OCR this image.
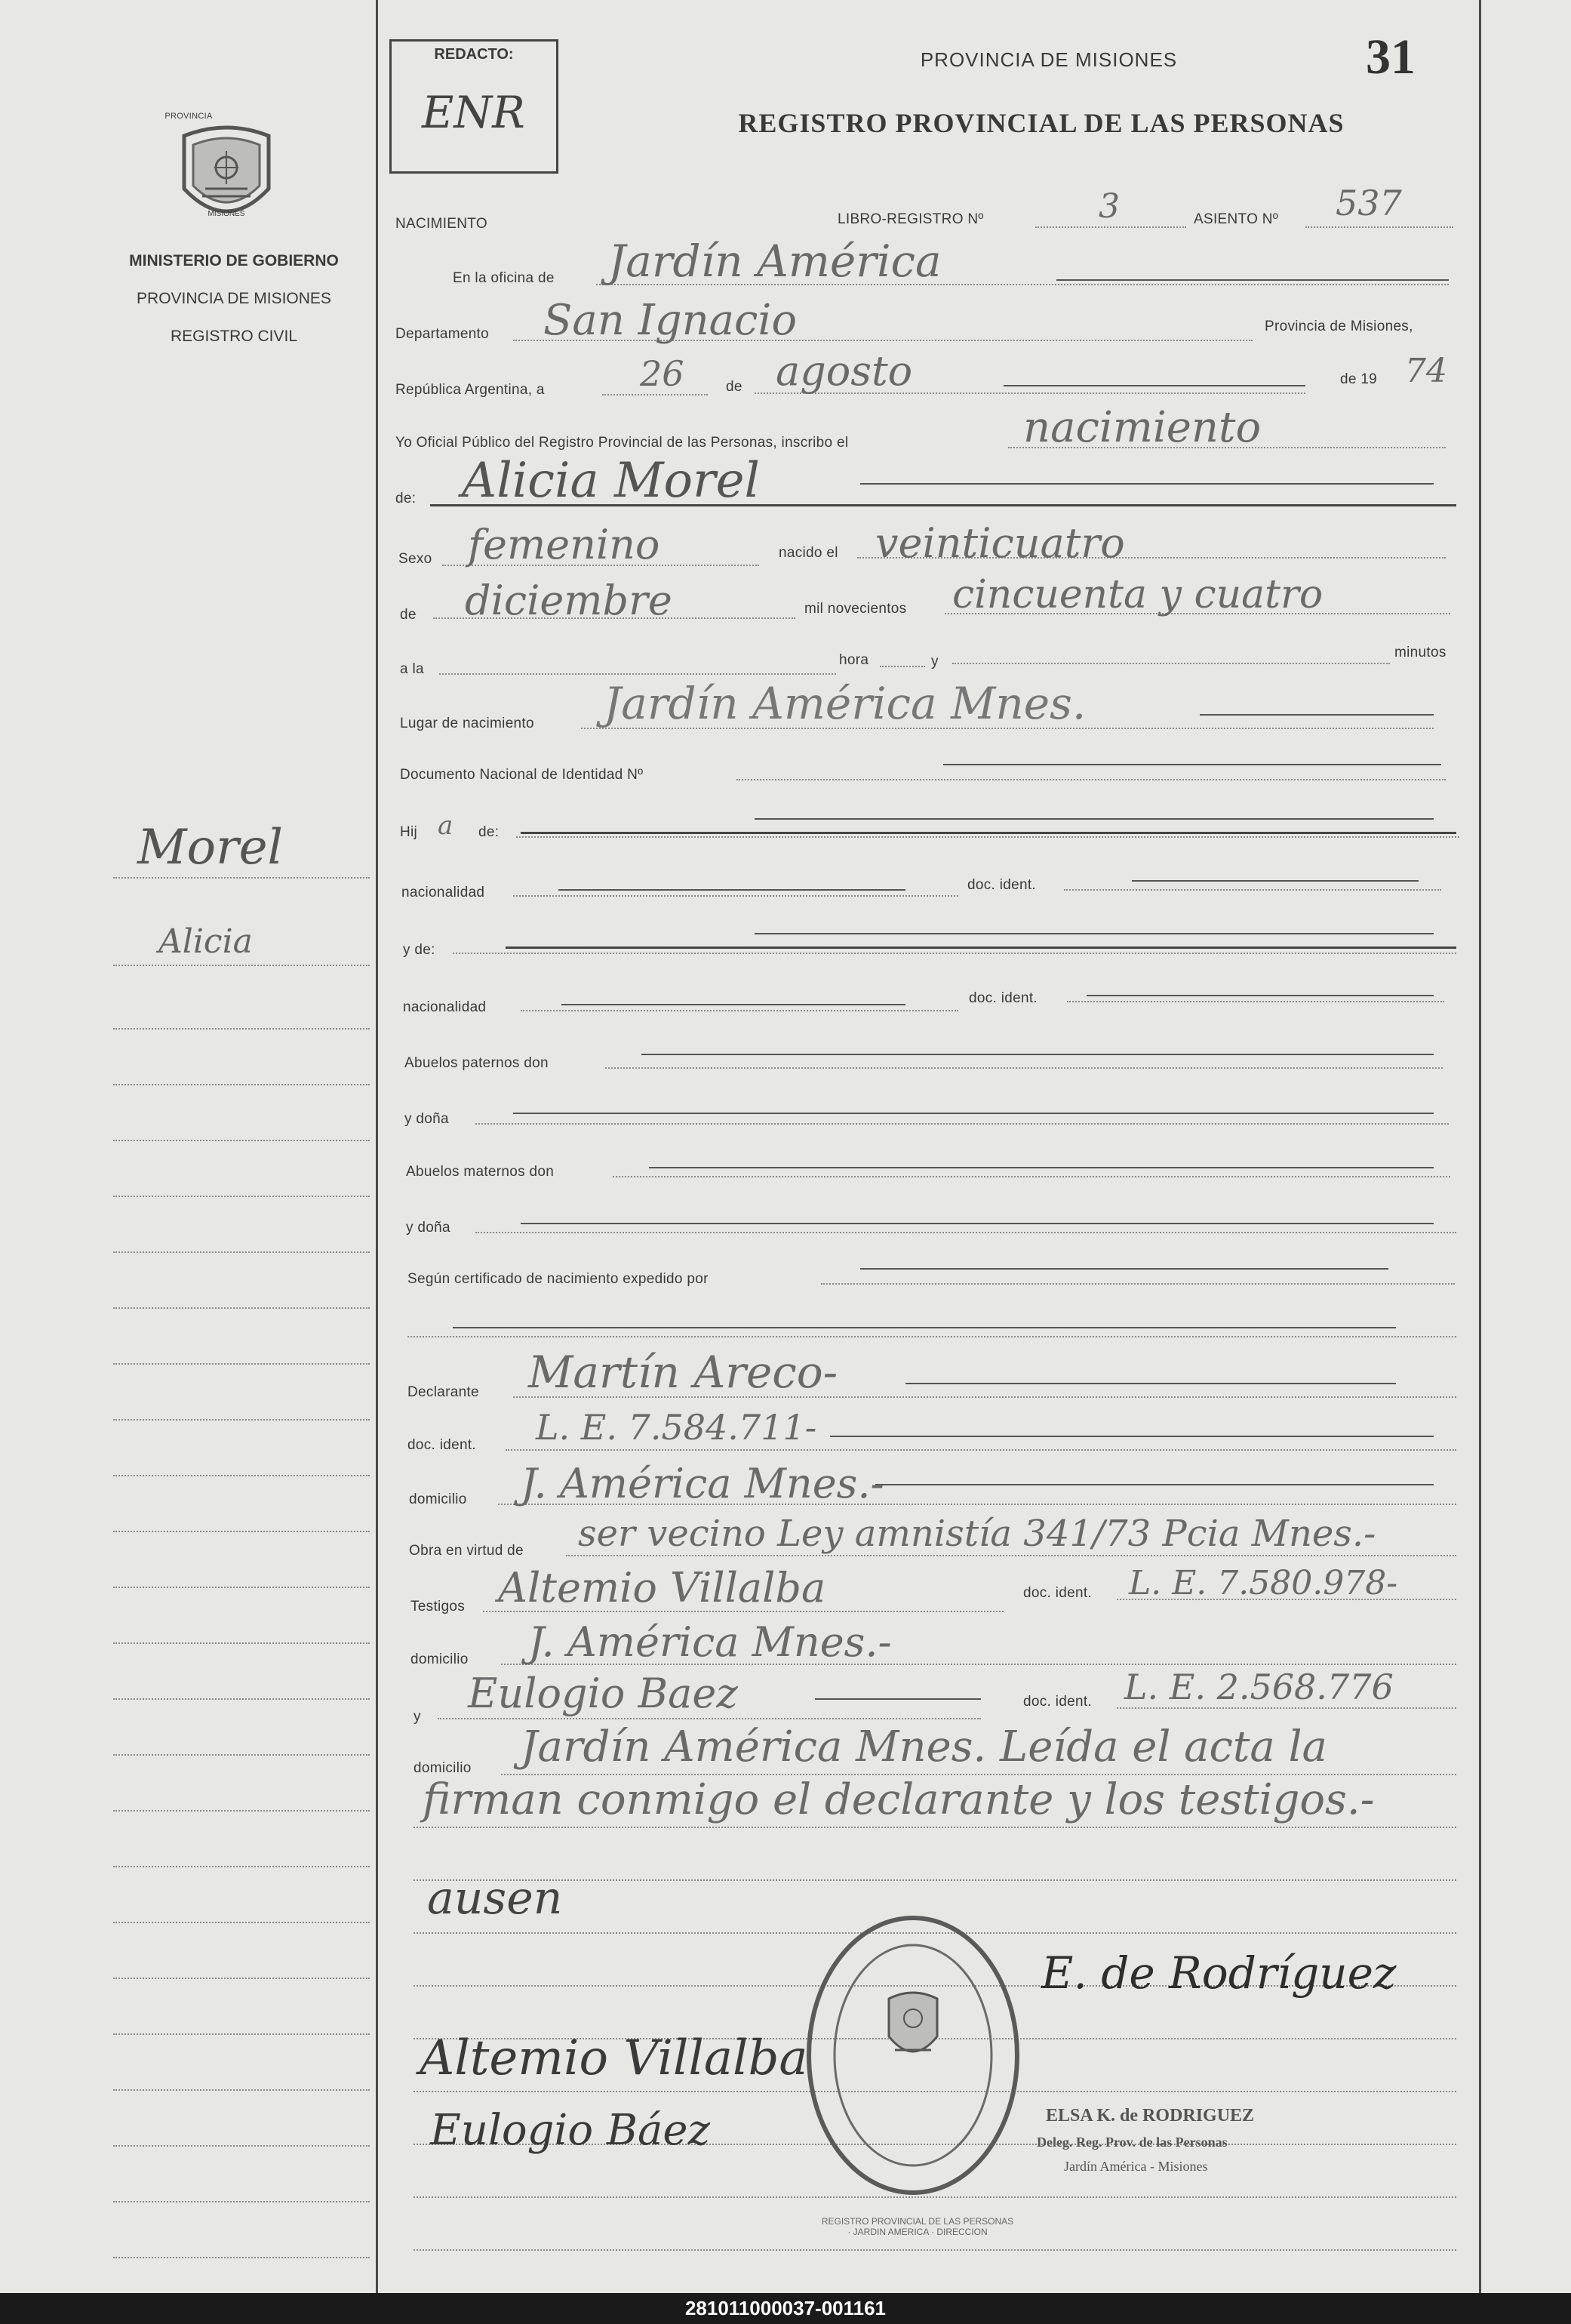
PROVINCIA
MISIONES
MINISTERIO DE GOBIERNO
PROVINCIA DE MISIONES
REGISTRO CIVIL
Morel
Alicia
REDACTO:
ENR
PROVINCIA DE MISIONES
REGISTRO PROVINCIAL DE LAS PERSONAS
31
NACIMIENTO	LIBRO-REGISTRO Nº	3	ASIENTO Nº 537
En la oficina de Jardín América
Departamento San Ignacio	Provincia de Misiones,
República Argentina, a	26	de agosto	de 19 74
Yo Oficial Público del Registro Provincial de las Personas, inscribo el	nacimiento
de: Alicia Morel
Sexo femenino	nacido el veinticuatro
de diciembre	mil novecientos cincuenta y cuatro
a la
hora	y
minutos
Lugar de nacimiento Jardín América Mnes.
Documento Nacional de Identidad Nº
Hij a de:
nacionalidad	doc. ident.
y de:
nacionalidad
doc. ident.
Abuelos paternos don
y doña
Abuelos maternos don
y doña
Según certificado de nacimiento expedido por
Declarante Martín Areco-
doc. ident. L. E. 7.584.711-
domicilio J. América Mnes.-
Obra en virtud de ser vecino Ley amnistía 341/73 Pcia Mnes.-
Testigos Altemio Villalba	doc. ident. L. E. 7.580.978-
domicilio J. América Mnes.-
y Eulogio Baez	doc. ident. L. E. 2.568.776
domicilio Jardín América Mnes. Leída el acta la
firman conmigo el declarante y los testigos.-
ausen
Altemio Villalba
Eulogio Báez
REGISTRO PROVINCIAL DE LAS PERSONAS · JARDIN AMERICA · DIRECCION
E. de Rodríguez
ELSA K. de RODRIGUEZ
Deleg. Reg. Prov. de las Personas
Jardín América - Misiones
281011000037-001161
